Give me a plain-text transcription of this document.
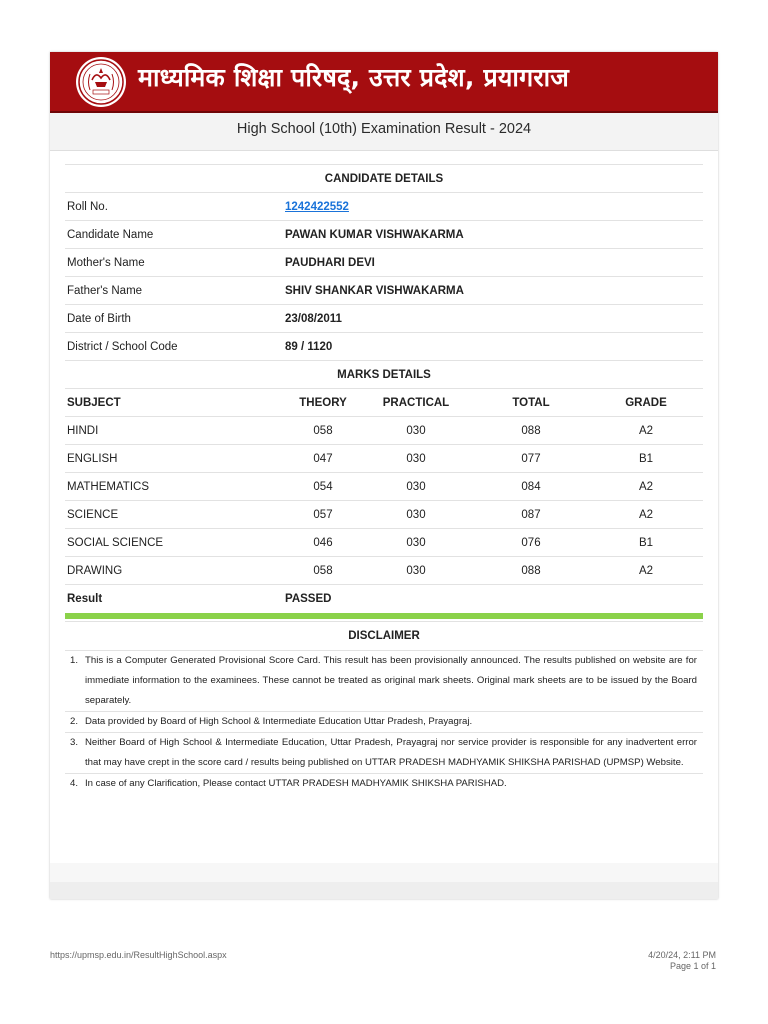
माध्यमिक शिक्षा परिषद्, उत्तर प्रदेश, प्रयागराज
High School (10th) Examination Result - 2024
CANDIDATE DETAILS
Roll No.	1242422552
Candidate Name	PAWAN KUMAR VISHWAKARMA
Mother's Name	PAUDHARI DEVI
Father's Name	SHIV SHANKAR VISHWAKARMA
Date of Birth	23/08/2011
District / School Code	89 / 1120
MARKS DETAILS
SUBJECT	THEORY	PRACTICAL	TOTAL	GRADE
HINDI	058	030	088	A2
ENGLISH	047	030	077	B1
MATHEMATICS	054	030	084	A2
SCIENCE	057	030	087	A2
SOCIAL SCIENCE	046	030	076	B1
DRAWING	058	030	088	A2
Result	PASSED
DISCLAIMER
1. This is a Computer Generated Provisional Score Card. This result has been provisionally announced. The results published on website are for immediate information to the examinees. These cannot be treated as original mark sheets. Original mark sheets are to be issued by the Board separately.
2. Data provided by Board of High School & Intermediate Education Uttar Pradesh, Prayagraj.
3. Neither Board of High School & Intermediate Education, Uttar Pradesh, Prayagraj nor service provider is responsible for any inadvertent error that may have crept in the score card / results being published on UTTAR PRADESH MADHYAMIK SHIKSHA PARISHAD (UPMSP) Website.
4. In case of any Clarification, Please contact UTTAR PRADESH MADHYAMIK SHIKSHA PARISHAD.
https://upmsp.edu.in/ResultHighSchool.aspx	4/20/24, 2:11 PM
Page 1 of 1
